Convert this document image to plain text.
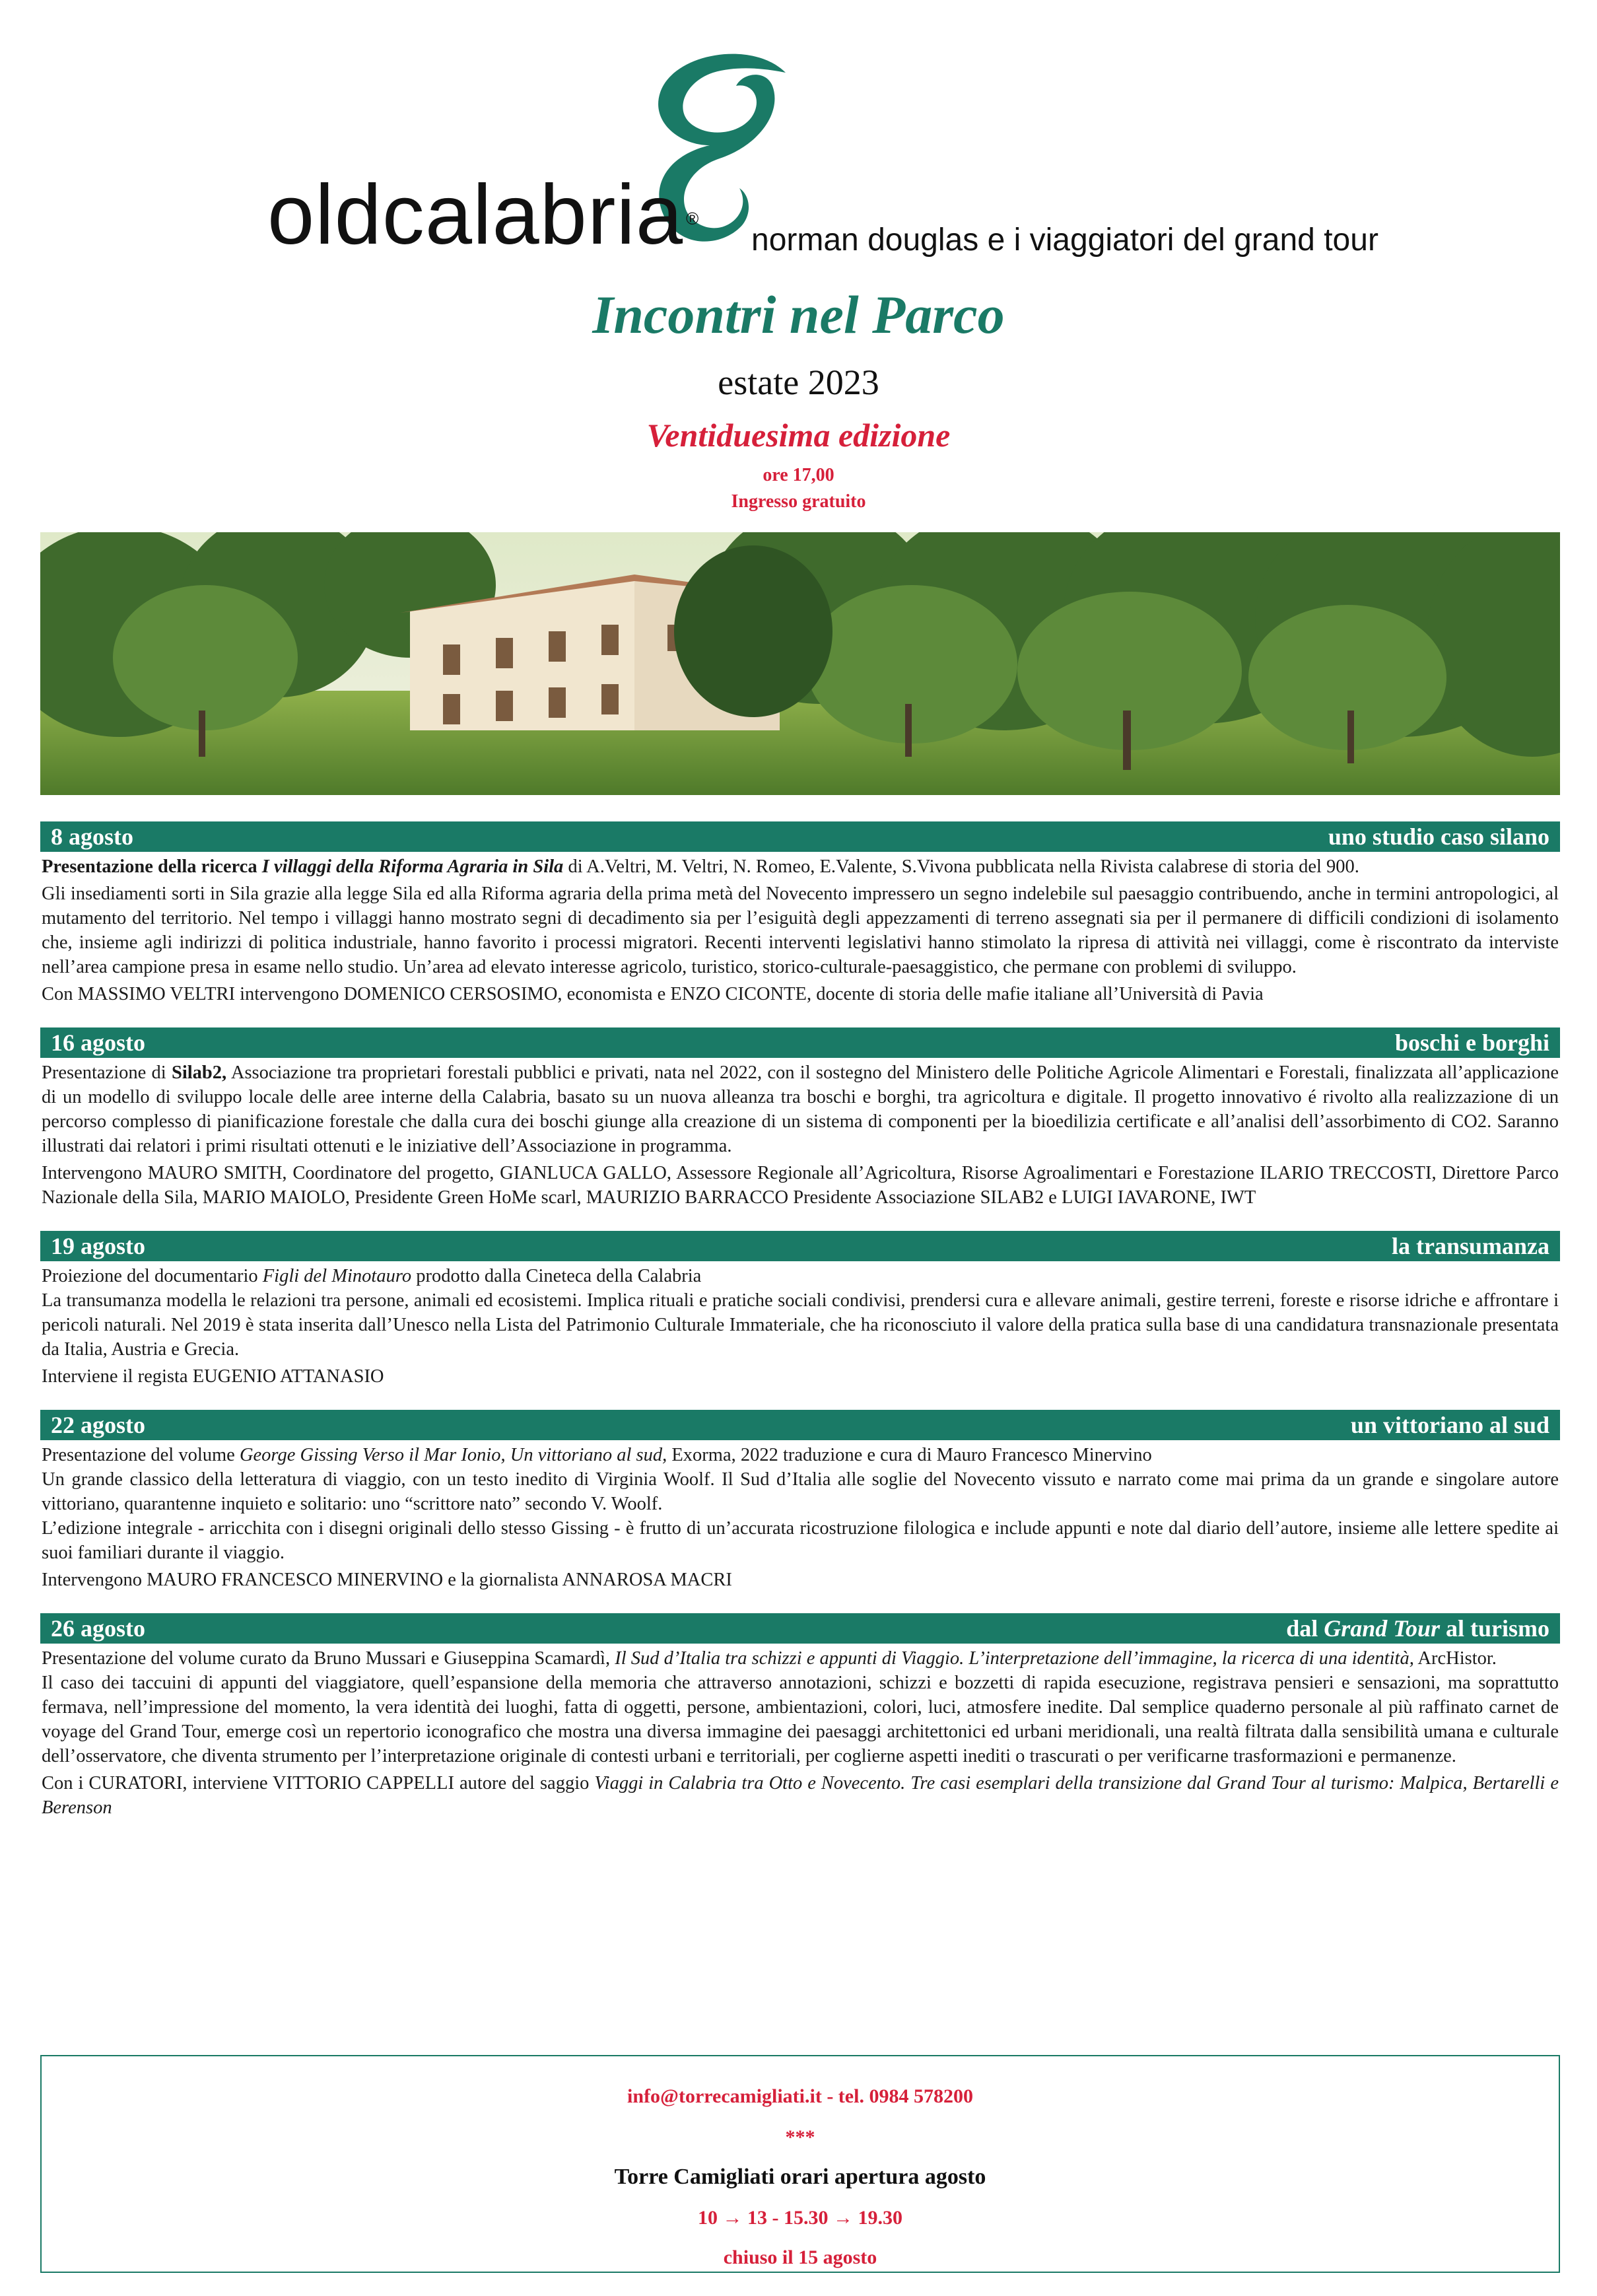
oldcalabria ®
norman douglas e i viaggiatori del grand tour
Incontri nel Parco
estate 2023
Ventiduesima edizione
ore 17,00
Ingresso gratuito
8 agosto	uno studio caso silano

Presentazione della ricerca I villaggi della Riforma Agraria in Sila di A.Veltri, M. Veltri, N. Romeo, E.Valente, S.Vivona pubblicata nella Rivista calabrese di storia del 900.

Gli insediamenti sorti in Sila grazie alla legge Sila ed alla Riforma agraria della prima metà del Novecento impressero un segno indelebile sul paesaggio contribuendo, anche in termini antropologici, al mutamento del territorio. Nel tempo i villaggi hanno mostrato segni di decadimento sia per l’esiguità degli appezzamenti di terreno assegnati sia per il permanere di difficili condizioni di isolamento che, insieme agli indirizzi di politica industriale, hanno favorito i processi migratori. Recenti interventi legislativi hanno stimolato la ripresa di attività nei villaggi, come è riscontrato da interviste nell’area campione presa in esame nello studio. Un’area ad elevato interesse agricolo, turistico, storico-culturale-paesaggistico, che permane con problemi di sviluppo.

Con MASSIMO VELTRI intervengono DOMENICO CERSOSIMO, economista e ENZO CICONTE, docente di storia delle mafie italiane all’Università di Pavia

16 agosto	boschi e borghi

Presentazione di Silab2, Associazione tra proprietari forestali pubblici e privati, nata nel 2022, con il sostegno del Ministero delle Politiche Agricole Alimentari e Forestali, finalizzata all’applicazione di un modello di sviluppo locale delle aree interne della Calabria, basato su un nuova alleanza tra boschi e borghi, tra agricoltura e digitale. Il progetto innovativo é rivolto alla realizzazione di un percorso complesso di pianificazione forestale che dalla cura dei boschi giunge alla creazione di un sistema di componenti per la bioedilizia certificate e all’analisi dell’assorbimento di CO2. Saranno illustrati dai relatori i primi risultati ottenuti e le iniziative dell’Associazione in programma.

Intervengono MAURO SMITH, Coordinatore del progetto, GIANLUCA GALLO, Assessore Regionale all’Agricoltura, Risorse Agroalimentari e Forestazione ILARIO TRECCOSTI, Direttore Parco Nazionale della Sila, MARIO MAIOLO, Presidente Green HoMe scarl, MAURIZIO BARRACCO Presidente Associazione SILAB2 e LUIGI IAVARONE, IWT

19 agosto	la transumanza

Proiezione del documentario Figli del Minotauro prodotto dalla Cineteca della Calabria

La transumanza modella le relazioni tra persone, animali ed ecosistemi. Implica rituali e pratiche sociali condivisi, prendersi cura e allevare animali, gestire terreni, foreste e risorse idriche e affrontare i pericoli naturali. Nel 2019 è stata inserita dall’Unesco nella Lista del Patrimonio Culturale Immateriale, che ha riconosciuto il valore della pratica sulla base di una candidatura transnazionale presentata da Italia, Austria e Grecia.

Interviene il regista EUGENIO ATTANASIO

22 agosto	un vittoriano al sud

Presentazione del volume George Gissing Verso il Mar Ionio, Un vittoriano al sud, Exorma, 2022 traduzione e cura di Mauro Francesco Minervino

Un grande classico della letteratura di viaggio, con un testo inedito di Virginia Woolf. Il Sud d’Italia alle soglie del Novecento vissuto e narrato come mai prima da un grande e singolare autore vittoriano, quarantenne inquieto e solitario: uno “scrittore nato” secondo V. Woolf.

L’edizione integrale - arricchita con i disegni originali dello stesso Gissing - è frutto di un’accurata ricostruzione filologica e include appunti e note dal diario dell’autore, insieme alle lettere spedite ai suoi familiari durante il viaggio.

Intervengono MAURO FRANCESCO MINERVINO e la giornalista ANNAROSA MACRI

26 agosto	dal Grand Tour al turismo

Presentazione del volume curato da Bruno Mussari e Giuseppina Scamardì, Il Sud d’Italia tra schizzi e appunti di Viaggio. L’interpretazione dell’immagine, la ricerca di una identità, ArcHistor.

Il caso dei taccuini di appunti del viaggiatore, quell’espansione della memoria che attraverso annotazioni, schizzi e bozzetti di rapida esecuzione, registrava pensieri e sensazioni, ma soprattutto fermava, nell’impressione del momento, la vera identità dei luoghi, fatta di oggetti, persone, ambientazioni, colori, luci, atmosfere inedite. Dal semplice quaderno personale al più raffinato carnet de voyage del Grand Tour, emerge così un repertorio iconografico che mostra una diversa immagine dei paesaggi architettonici ed urbani meridionali, una realtà filtrata dalla sensibilità umana e culturale dell’osservatore, che diventa strumento per l’interpretazione originale di contesti urbani e territoriali, per coglierne aspetti inediti o trascurati o per verificarne trasformazioni e permanenze.

Con i CURATORI, interviene VITTORIO CAPPELLI autore del saggio Viaggi in Calabria tra Otto e Novecento. Tre casi esemplari della transizione dal Grand Tour al turismo: Malpica, Bertarelli e Berenson

info@torrecamigliati.it - tel. 0984 578200
***
Torre Camigliati orari apertura agosto
10 → 13 - 15.30 → 19.30
chiuso il 15 agosto
